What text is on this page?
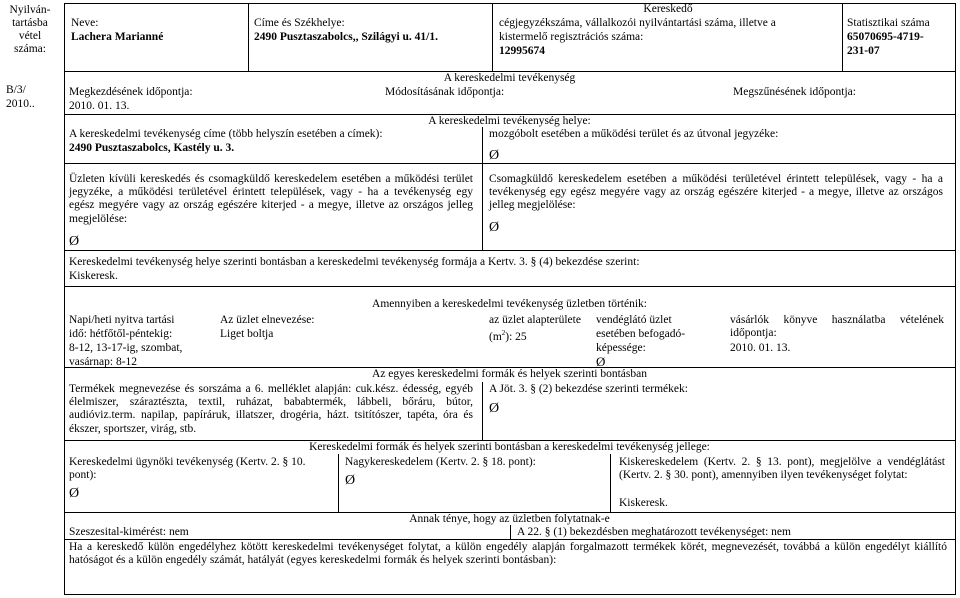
Nyilván-
tartásba
vétel
száma:
B/3/
2010..
Neve:
Lachera Marianné
Címe és Székhelye:
2490 Pusztaszabolcs,, Szilágyi u. 41/1.
Kereskedő
cégjegyzékszáma, vállalkozói nyilvántartási száma, illetve a
kistermelő regisztrációs száma:
12995674
Statisztikai száma
65070695-4719-
231-07
A kereskedelmi tevékenység
Megkezdésének időpontja:
2010. 01. 13.
Módosításának időpontja:	Megszűnésének időpontja:
A kereskedelmi tevékenység helye:
A kereskedelmi tevékenység címe (több helyszín esetében a címek):
2490 Pusztaszabolcs, Kastély u. 3.
mozgóbolt esetében a működési terület és az útvonal jegyzéke:
Ø
Üzleten kívüli kereskedés és csomagküldő kereskedelem esetében a működési terület jegyzéke, a működési területével érintett települések, vagy - ha a tevékenység egy egész megyére vagy az ország egészére kiterjed - a megye, illetve az országos jelleg megjelölése:
Ø
Csomagküldő kereskedelem esetében a működési területével érintett települések, vagy - ha a tevékenység egy egész megyére vagy az ország egészére kiterjed - a megye, illetve az országos jelleg megjelölése:
Ø
Kereskedelmi tevékenység helye szerinti bontásban a kereskedelmi tevékenység formája a Kertv. 3. § (4) bekezdése szerint:
Kiskeresk.
Amennyiben a kereskedelmi tevékenység üzletben történik:
Napi/heti nyitva tartási
idő: hétfőtől-péntekig:
8-12, 13-17-ig, szombat,
vasárnap: 8-12
Az üzlet elnevezése:
Liget boltja
az üzlet alapterülete
$(m^2)$: 25
vendéglátó üzlet
esetében befogadó-
képessége:
Ø
vásárlók könyve használatba vételének időpontja:
2010. 01. 13.
Az egyes kereskedelmi formák és helyek szerinti bontásban
Termékek megnevezése és sorszáma a 6. melléklet alapján: cuk.kész. édesség, egyéb élelmiszer, száraztészta, textil, ruházat, bababtermék, lábbeli, bőráru, bútor, audióviz.term. napilap, papíráruk, illatszer, drogéria, házt. tsitítószer, tapéta, óra és ékszer, sportszer, virág, stb.
A Jöt. 3. § (2) bekezdése szerinti termékek:
Ø
Kereskedelmi formák és helyek szerinti bontásban a kereskedelmi tevékenység jellege:
Kereskedelmi ügynöki tevékenység (Kertv. 2. § 10. pont):
Ø
Nagykereskedelem (Kertv. 2. § 18. pont):
Ø
Kiskereskedelem (Kertv. 2. § 13. pont), megjelölve a vendéglátást (Kertv. 2. § 30. pont), amennyiben ilyen tevékenységet folytat:
Kiskeresk.
Annak ténye, hogy az üzletben folytatnak-e
Szeszesital-kimérést: nem	A 22. § (1) bekezdésben meghatározott tevékenységet: nem
Ha a kereskedő külön engedélyhez kötött kereskedelmi tevékenységet folytat, a külön engedély alapján forgalmazott termékek körét, megnevezését, továbbá a külön engedélyt kiállító hatóságot és a külön engedély számát, hatályát (egyes kereskedelmi formák és helyek szerinti bontásban):
